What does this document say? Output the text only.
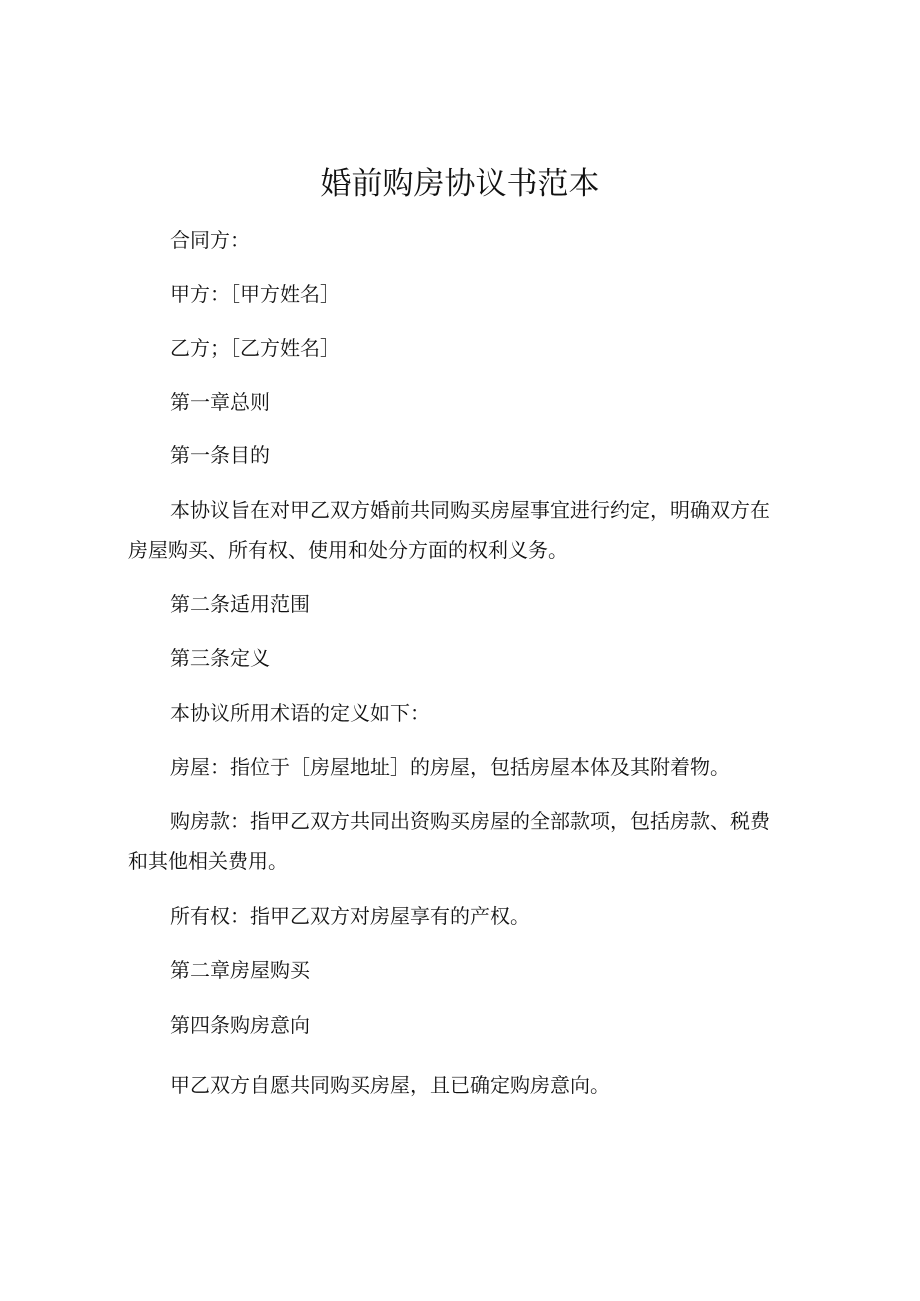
婚前购房协议书范本

合同方：

甲方：［甲方姓名］

乙方；［乙方姓名］

第一章总则

第一条目的

本协议旨在对甲乙双方婚前共同购买房屋事宜进行约定，明确双方在房屋购买、所有权、使用和处分方面的权利义务。

第二条适用范围

第三条定义

本协议所用术语的定义如下：

房屋：指位于［房屋地址］的房屋，包括房屋本体及其附着物。

购房款：指甲乙双方共同出资购买房屋的全部款项，包括房款、税费和其他相关费用。

所有权：指甲乙双方对房屋享有的产权。

第二章房屋购买

第四条购房意向

甲乙双方自愿共同购买房屋，且已确定购房意向。
